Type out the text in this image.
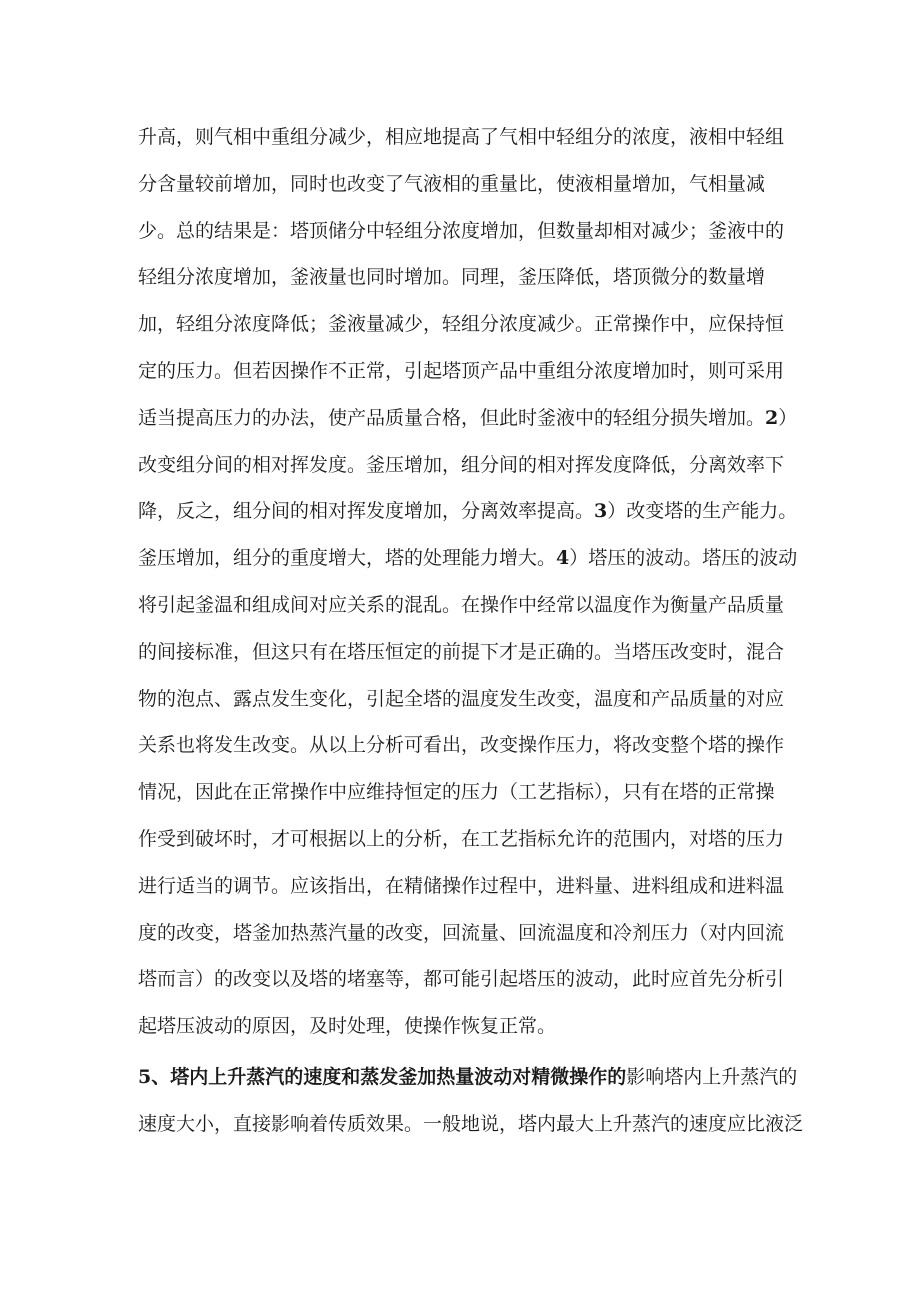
升高，则气相中重组分减少，相应地提高了气相中轻组分的浓度，液相中轻组
分含量较前增加，同时也改变了气液相的重量比，使液相量增加，气相量减
少。总的结果是：塔顶储分中轻组分浓度增加，但数量却相对减少；釜液中的
轻组分浓度增加，釜液量也同时增加。同理，釜压降低，塔顶微分的数量增
加，轻组分浓度降低；釜液量减少，轻组分浓度减少。正常操作中，应保持恒
定的压力。但若因操作不正常，引起塔顶产品中重组分浓度增加时，则可采用
适当提高压力的办法，使产品质量合格，但此时釜液中的轻组分损失增加。2）
改变组分间的相对挥发度。釜压增加，组分间的相对挥发度降低，分离效率下
降，反之，组分间的相对挥发度增加，分离效率提高。3）改变塔的生产能力。
釜压增加，组分的重度增大，塔的处理能力增大。4）塔压的波动。塔压的波动
将引起釜温和组成间对应关系的混乱。在操作中经常以温度作为衡量产品质量
的间接标准，但这只有在塔压恒定的前提下才是正确的。当塔压改变时，混合
物的泡点、露点发生变化，引起全塔的温度发生改变，温度和产品质量的对应
关系也将发生改变。从以上分析可看出，改变操作压力，将改变整个塔的操作
情况，因此在正常操作中应维持恒定的压力（工艺指标），只有在塔的正常操
作受到破坏时，才可根据以上的分析，在工艺指标允许的范围内，对塔的压力
进行适当的调节。应该指出，在精储操作过程中，进料量、进料组成和进料温
度的改变，塔釜加热蒸汽量的改变，回流量、回流温度和冷剂压力（对内回流
塔而言）的改变以及塔的堵塞等，都可能引起塔压的波动，此时应首先分析引
起塔压波动的原因，及时处理，使操作恢复正常。
5、塔内上升蒸汽的速度和蒸发釜加热量波动对精微操作的影响塔内上升蒸汽的
速度大小，直接影响着传质效果。一般地说，塔内最大上升蒸汽的速度应比液泛
